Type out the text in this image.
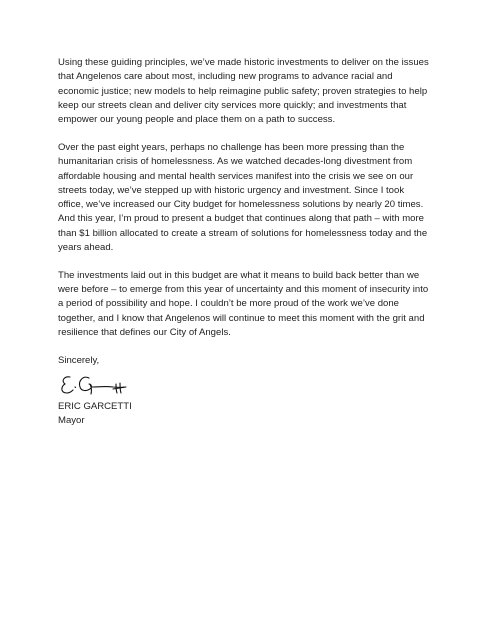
Using these guiding principles, we’ve made historic investments to deliver on the issues that Angelenos care about most, including new programs to advance racial and economic justice; new models to help reimagine public safety; proven strategies to help keep our streets clean and deliver city services more quickly; and investments that empower our young people and place them on a path to success.

Over the past eight years, perhaps no challenge has been more pressing than the humanitarian crisis of homelessness. As we watched decades-long divestment from affordable housing and mental health services manifest into the crisis we see on our streets today, we’ve stepped up with historic urgency and investment. Since I took office, we’ve increased our City budget for homelessness solutions by nearly 20 times. And this year, I’m proud to present a budget that continues along that path – with more than $1 billion allocated to create a stream of solutions for homelessness today and the years ahead.

The investments laid out in this budget are what it means to build back better than we were before – to emerge from this year of uncertainty and this moment of insecurity into a period of possibility and hope. I couldn’t be more proud of the work we’ve done together, and I know that Angelenos will continue to meet this moment with the grit and resilience that defines our City of Angels.

Sincerely,

ERIC GARCETTI

Mayor
